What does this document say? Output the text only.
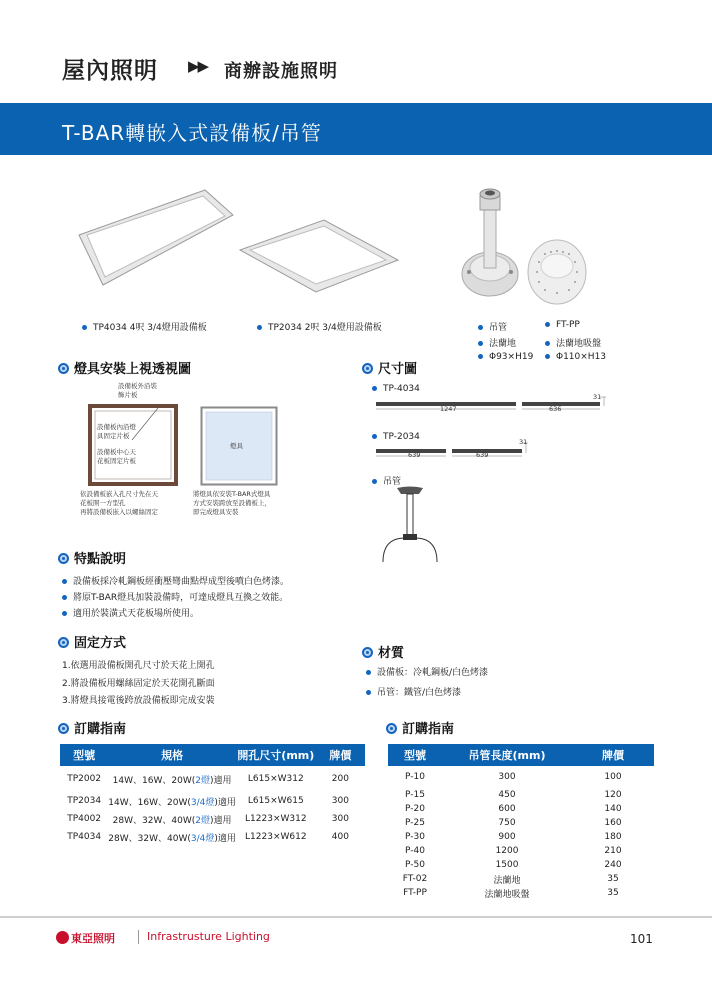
屋內照明 ▶▶ 商辦設施照明
T-BAR轉嵌入式設備板/吊管
TP4034 4呎 3/4燈用設備板	TP2034 2呎 3/4燈用設備板	吊管
法蘭地
Φ93×H19
FT-PP
法蘭地吸盤
Φ110×H13
燈具安裝上視透視圖
設備板外沿裝
飾片板
設備板內沿燈
具固定片板
設備板中心天
花板固定片板
燈具
依設備板嵌入孔尺寸先在天
花板開一方型孔
再將設備板嵌入以螺絲固定
將燈具依安裝T-BAR式燈具
方式安裝跨放至設備板上，
即完成燈具安裝
尺寸圖
TP-4034
1247	636
31
TP-2034
639	639
31
吊管
特點說明
設備板採冷軋鋼板經衝壓彎曲點焊成型後噴白色烤漆。
將原T-BAR燈具加裝設備時，可達成燈具互換之效能。
適用於裝潢式天花板場所使用。
固定方式
1.依選用設備板開孔尺寸於天花上開孔
2.將設備板用螺絲固定於天花開孔斷面
3.將燈具接電後跨放設備板即完成安裝
材質
設備板：冷軋鋼板/白色烤漆
吊管：鐵管/白色烤漆
訂購指南
型號	規格	開孔尺寸(mm)	牌價
TP2002	14W、16W、20W(2燈)適用	L615×W312	200
TP2034	14W、16W、20W(3/4燈)適用	L615×W615	300
TP4002	28W、32W、40W(2燈)適用	L1223×W312	300
TP4034	28W、32W、40W(3/4燈)適用	L1223×W612	400
訂購指南
型號	吊管長度(mm)	牌價
P-10	300	100
P-15	450	120
P-20	600	140
P-25	750	160
P-30	900	180
P-40	1200	210
P-50	1500	240
FT-02	法蘭地	35
FT-PP	法蘭地吸盤	35
東亞照明	Infrastrusture Lighting	101
